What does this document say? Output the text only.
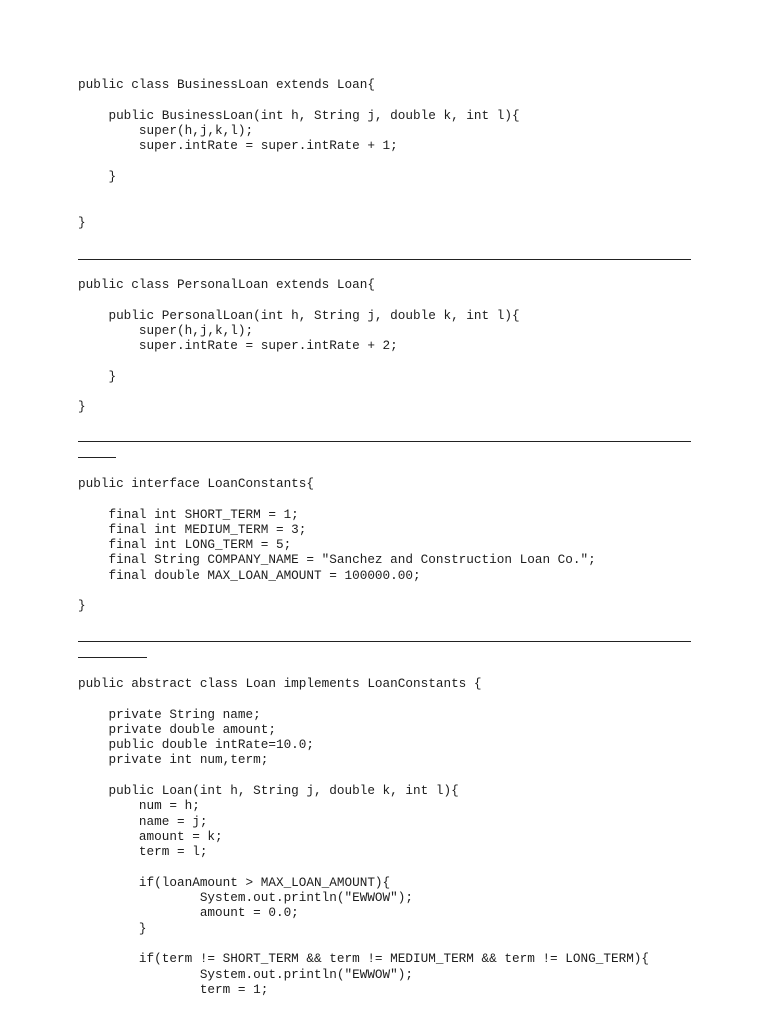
public class BusinessLoan extends Loan{
public BusinessLoan(int h, String j, double k, int l){
super(h,j,k,l);
super.intRate = super.intRate + 1;
}
}
public class PersonalLoan extends Loan{
public PersonalLoan(int h, String j, double k, int l){
super(h,j,k,l);
super.intRate = super.intRate + 2;
}
}
public interface LoanConstants{
final int SHORT_TERM = 1;
final int MEDIUM_TERM = 3;
final int LONG_TERM = 5;
final String COMPANY_NAME = "Sanchez and Construction Loan Co.";
final double MAX_LOAN_AMOUNT = 100000.00;
}
public abstract class Loan implements LoanConstants {
private String name;
private double amount;
public double intRate=10.0;
private int num,term;
public Loan(int h, String j, double k, int l){
num = h;
name = j;
amount = k;
term = l;
if(loanAmount > MAX_LOAN_AMOUNT){
System.out.println("EWWOW");
amount = 0.0;
}
if(term != SHORT_TERM && term != MEDIUM_TERM && term != LONG_TERM){
System.out.println("EWWOW");
term = 1;
